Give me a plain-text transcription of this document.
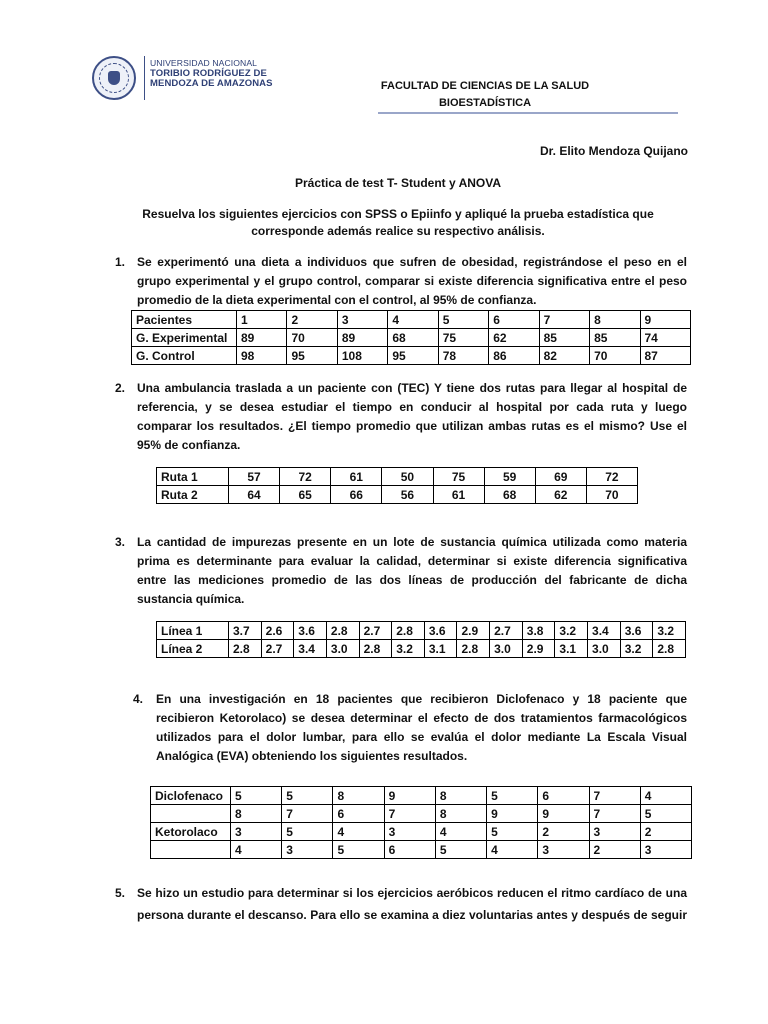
UNIVERSIDAD NACIONAL
TORIBIO RODRÍGUEZ DE
MENDOZA DE AMAZONAS	FACULTAD DE CIENCIAS DE LA SALUD
BIOESTADÍSTICA
Dr. Elito Mendoza Quijano
Práctica de test T- Student y ANOVA
Resuelva los siguientes ejercicios con SPSS o Epiinfo y apliqué la prueba estadística que
corresponde además realice su respectivo análisis.
1. Se experimentó una dieta a individuos que sufren de obesidad, registrándose el peso en el
grupo experimental y el grupo control, comparar si existe diferencia significativa entre el peso
promedio de la dieta experimental con el control, al 95% de confianza.
Pacientes	1	2	3	4	5	6	7	8	9
G. Experimental	89	70	89	68	75	62	85	85	74
G. Control	98	95	108	95	78	86	82	70	87
2. Una ambulancia traslada a un paciente con (TEC) Y tiene dos rutas para llegar al hospital de
referencia, y se desea estudiar el tiempo en conducir al hospital por cada ruta y luego
comparar los resultados. ¿El tiempo promedio que utilizan ambas rutas es el mismo? Use el
95% de confianza.
Ruta 1	57	72	61	50	75	59	69	72
Ruta 2	64	65	66	56	61	68	62	70
3. La cantidad de impurezas presente en un lote de sustancia química utilizada como materia
prima es determinante para evaluar la calidad, determinar si existe diferencia significativa
entre las mediciones promedio de las dos líneas de producción del fabricante de dicha
sustancia química.
Línea 1	3.7	2.6	3.6	2.8	2.7	2.8	3.6	2.9	2.7	3.8	3.2	3.4	3.6	3.2
Línea 2	2.8	2.7	3.4	3.0	2.8	3.2	3.1	2.8	3.0	2.9	3.1	3.0	3.2	2.8
4. En una investigación en 18 pacientes que recibieron Diclofenaco y 18 paciente que
recibieron Ketorolaco) se desea determinar el efecto de dos tratamientos farmacológicos
utilizados para el dolor lumbar, para ello se evalúa el dolor mediante La Escala Visual
Analógica (EVA) obteniendo los siguientes resultados.
Diclofenaco	5	5	8	9	8	5	6	7	4
	8	7	6	7	8	9	9	7	5
Ketorolaco	3	5	4	3	4	5	2	3	2
	4	3	5	6	5	4	3	2	3
5. Se hizo un estudio para determinar si los ejercicios aeróbicos reducen el ritmo cardíaco de una
persona durante el descanso. Para ello se examina a diez voluntarias antes y después de seguir
